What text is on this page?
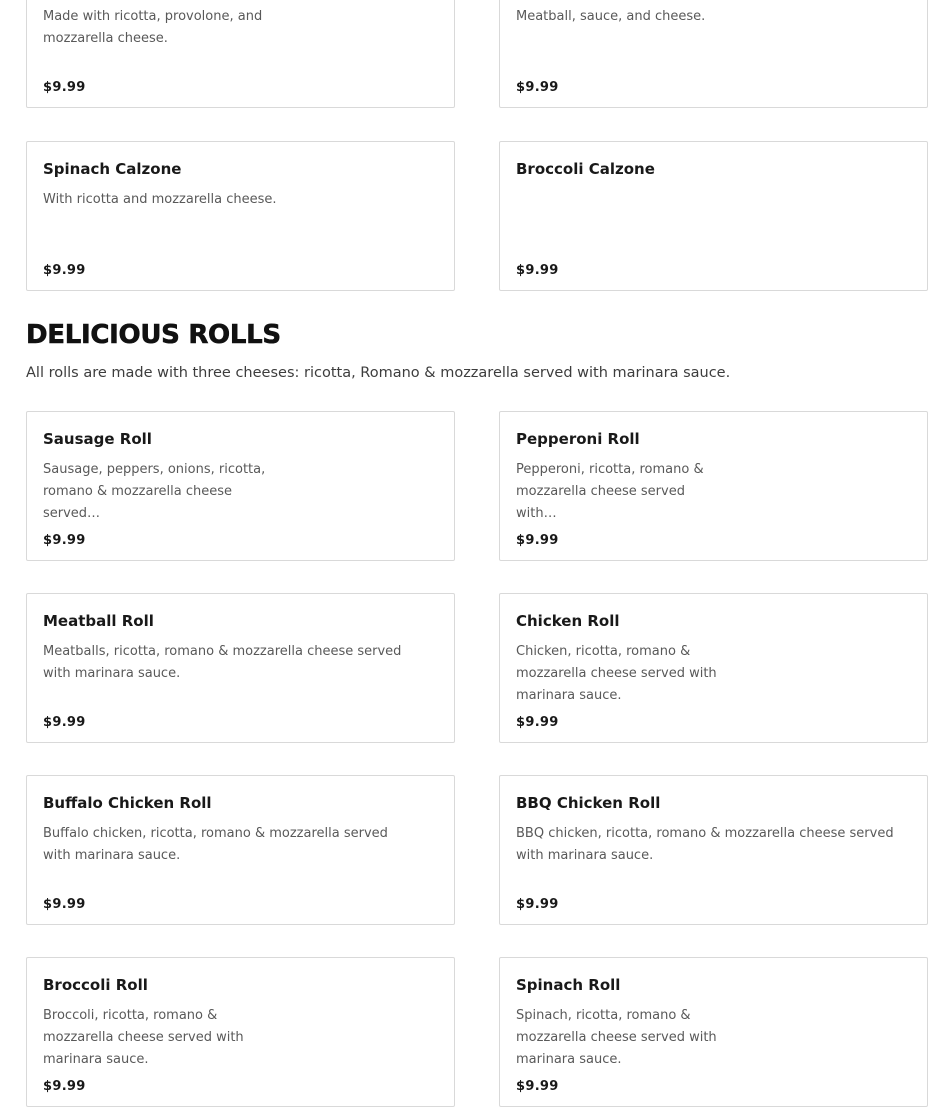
Made with ricotta, provolone, and mozzarella cheese.
$9.99
Meatball, sauce, and cheese.
$9.99
Spinach Calzone
With ricotta and mozzarella cheese.
$9.99
Broccoli Calzone
$9.99
DELICIOUS ROLLS
All rolls are made with three cheeses: ricotta, Romano & mozzarella served with marinara sauce.
Sausage Roll
Sausage, peppers, onions, ricotta, romano & mozzarella cheese served…
$9.99
Pepperoni Roll
Pepperoni, ricotta, romano & mozzarella cheese served with…
$9.99
Meatball Roll
Meatballs, ricotta, romano & mozzarella cheese served with marinara sauce.
$9.99
Chicken Roll
Chicken, ricotta, romano & mozzarella cheese served with marinara sauce.
$9.99
Buffalo Chicken Roll
Buffalo chicken, ricotta, romano & mozzarella served with marinara sauce.
$9.99
BBQ Chicken Roll
BBQ chicken, ricotta, romano & mozzarella cheese served with marinara sauce.
$9.99
Broccoli Roll
Broccoli, ricotta, romano & mozzarella cheese served with marinara sauce.
$9.99
Spinach Roll
Spinach, ricotta, romano & mozzarella cheese served with marinara sauce.
$9.99
